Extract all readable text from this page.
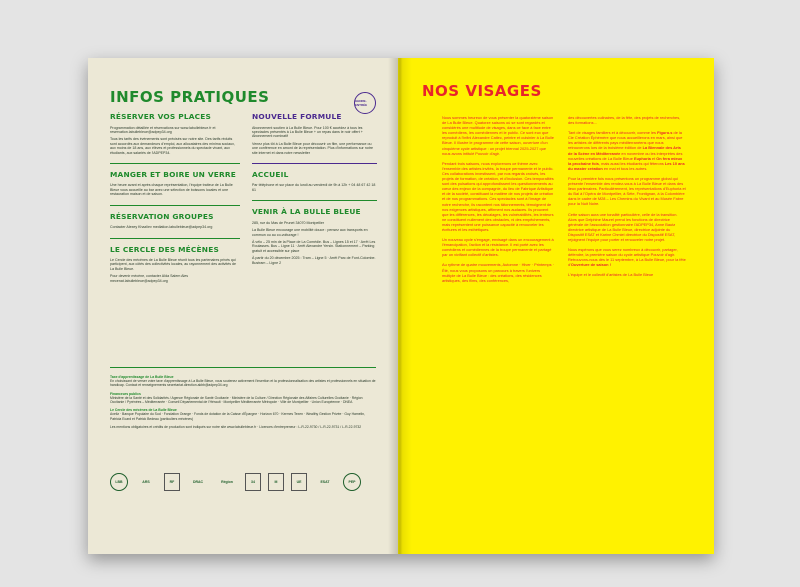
INFOS PRATIQUES	GENRE-ENTRÉE
RÉSERVER VOS PLACES

Programmation détaillée et réservations sur www.labullebleue.fr et reservation.labullebleue@adpep34.org

Tous les tarifs des événements sont précisés sur notre site. Des tarifs réduits sont accordés aux demandeurs d'emploi, aux allocataires des minima sociaux, aux moins de 18 ans, aux élèves et professionnels du spectacle vivant, aux étudiants, aux salariés de l'ADPEP34.

MANGER ET BOIRE UN VERRE

Une heure avant et après chaque représentation, l'équipe traiteur de La Bulle Bleue vous accueille au bar avec une sélection de boissons locales et une restauration maison et de saison.

RÉSERVATION GROUPES

Contacter Alexey Khazliev mediation.labullebleue@adpep34.org

LE CERCLE DES MÉCÈNES

Le Cercle des mécènes de La Bulle Bleue réunit tous les partenaires privés qui participent, aux côtés des collectivités locales, au rayonnement des activités de La Bulle Bleue.

Pour devenir mécène, contacter Aïda Salem Ales mecenat.labullebleue@adpep34.org

NOUVELLE FORMULE

Abonnement soutien à La Bulle Bleue. Pour 100 € accédez à tous les spectacles présentés à La Bulle Bleue + un repas dans le noir offert + Abonnement nominatif

Venez plus tôt à La Bulle Bleue pour découvrir un film, une performance ou une conférence en amont de la représentation. Plus d'informations sur notre site internet et dans notre newsletter

ACCUEIL

Par téléphone et sur place du lundi au vendredi de 9h à 12h + 04 48 67 42 18 61

VENIR À LA BULLE BLEUE

285, rue du Mas de Prunet 34070 Montpellier

La Bulle Bleue encourage une mobilité douce : pensez aux transports en commun ou au co-voiturage !

À vélo – 25 min de la Place de La Comédie. Bus – Lignes 15 et 17 · Arrêt Les Roulasses. Bus – Ligne 11 · Arrêt Alexandre Yersin. Stationnement – Parking gratuit et accessible sur place

À partir du 20 décembre 2025 : Tram – Ligne 5 · Arrêt Parc de Font-Colombe. Bustram – Ligne 2

Taxe d'apprentissage de La Bulle Bleue
En choisissant de verser votre taxe d'apprentissage à La Bulle Bleue, vous soutenez activement l'insertion et la professionnalisation des artistes et professionnels en situation de handicap. Contact et renseignements secretariat.direction.akbb@adpep34.org

Financeurs publics
Ministère de la Santé et des Solidarités / Agence Régionale de Santé Occitanie · Ministère de la Culture / Direction Régionale des Affaires Culturelles Occitanie · Région Occitanie / Pyrénées – Méditerranée · Conseil Départemental de l'Hérault · Montpellier Méditerranée Métropole · Ville de Montpellier · Union Européenne · DNEA

Le Cercle des mécènes de La Bulle Bleue
Axeliz · Banque Populaire du Sud · Fondation Orange · Fonds de dotation de la Caisse d'Épargne · Horizon 670 · Kermes Texen · Wealthy Gestion Privée · Guy Hamelin, Patricia Ecard et Patrick Bedeau (particuliers mécènes)

Les mentions obligatoires et crédits de production sont indiqués sur notre site www.labullebleue.fr · Licences d'entrepreneur : L-R-22-9730 / L-R-22-9731 / L-R-22-9732

LBB	ARS	RF	DRAC	Région	34	M	UE	ESAT	PEP
NOS VISAGES

Nous sommes heureux de vous présenter la quatorzième saison de La Bulle Bleue. Quatorze saisons où se sont regardés et considérés une multitude de visages, dans ce face à face entre les comédiens, les comédiennes et le public. Ce sont eux que reproduit à l'infini Alexandre Catlec, peintre et cuisinier à La Bulle Bleue. Il illustre le programme de cette saison, ouverture d'un cinquième cycle artistique : un projet triennal 2025-2027 que nous avons intitulé Pouvoir d'agir.

Pendant trois saisons, nous explorerons ce thème avec l'ensemble des artistes invités, la troupe permanente et le public. Ces collaborations investissent, par nos regards croisés, les projets de formation, de création, et d'inclusion. Ces temporalités sont des pulsations qui approfondissent les questionnements au cœur des enjeux de la compagnie, du lieu de Fabrique Artistique et de la société, constituant la matière de nos projets de création et de nos programmations. Ces spectacles sont à l'image de notre recherche, ils racontent nos tâtonnements, témoignent de nos exigences artistiques, affirment nos audaces. Ils prouvent que les différences, les décalages, les vulnérabilités, les lenteurs ne constituent nullement des obstacles, ni des empêchements, mais représentent une puissance capacité à renouveler les écritures et les esthétiques.

Un nouveau cycle s'engage, envisagé dans un encouragement à l'émancipation, l'action et la résistance. Il est porté avec les comédiens et comédiennes de la troupe permanente et partagé par un vivifiant collectif d'artistes.

Au rythme de quatre mouvements, Automne · Hiver · Printemps · Été, nous vous proposons un parcours à travers l'univers multiple de La Bulle Bleue : des créations, des résidences artistiques, des films, des conférences,

des découvertes culinaires, de la fête, des projets de recherches, des formations…

Tant de visages familiers et à découvrir, comme les Figuro.s de la Cie Création Éphémère que nous accueillerons en mars, ainsi que les artistes de différents pays méditerranéens que nous retrouverons lors de la troisième édition de La Biennale des Arts de la Scène en Méditerranée en novembre ou les interprètes des nouvelles créations de La Bulle Bleue Euphoria et On fera mieux la prochaine fois, mais aussi les étudiants qui fêterons Les 10 ans du master création en mai et tous les autres.

Pour la première fois nous présentons un programme global qui présente l'ensemble des rendez-vous à La Bulle Bleue et dans des lieux partenaires. Particulièrement, les représentations d'Euphoria et du Bal à l'Opéra de Montpellier, à Sète, Frontignan, à la Colombière dans le cadre de M28 – Les Chemins du Vivant et au Musée Fabre pour la Nuit Noire.

Cette saison aura une tonalité particulière, celle de la transition. Alors que Delphine Maurel prend les fonctions de directrice générale de l'association gestionnaire l'ADPEP34, Anne Bautz directrice artistique de La Bulle Bleue, directrice adjointe du Dispositif ESAT et Karine Chmiel directrice du Dispositif ESAT, rejoignent l'équipe pour porter et renouveler notre projet.

Nous espérons que vous serez nombreux à découvrir, partager, défendre, la première saison du cycle artistique Pouvoir d'agir. Retrouvons-nous dès le 11 septembre, à La Bulle Bleue, pour la fête d'Ouverture de saison !

L'équipe et le collectif d'artistes de La Bulle Bleue
